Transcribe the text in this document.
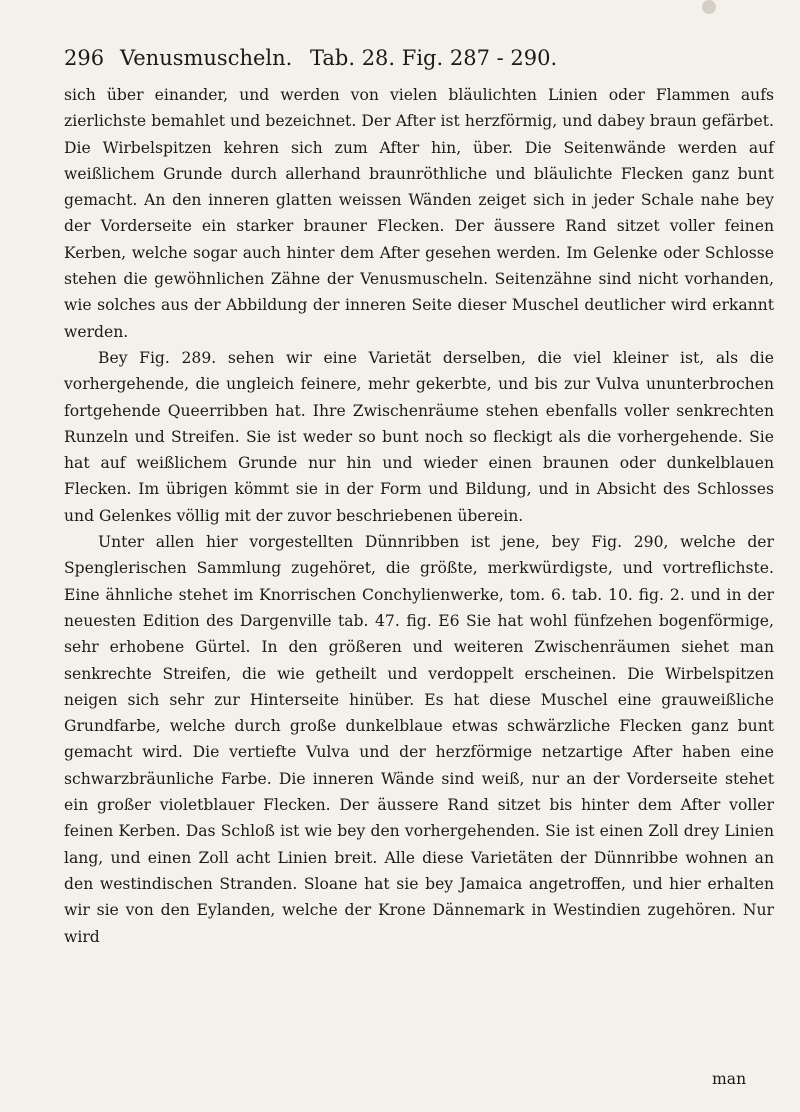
296 Venusmuscheln. Tab. 28. Fig. 287 - 290.

sich über einander, und werden von vielen bläulichten Linien oder Flammen aufs zierlichste bemahlet und bezeichnet. Der After ist herzförmig, und dabey braun gefärbet. Die Wirbelspitzen kehren sich zum After hin, über. Die Seitenwände werden auf weißlichem Grunde durch allerhand braunröthliche und bläulichte Flecken ganz bunt gemacht. An den inneren glatten weissen Wänden zeiget sich in jeder Schale nahe bey der Vorderseite ein starker brauner Flecken. Der äussere Rand sitzet voller feinen Kerben, welche sogar auch hinter dem After gesehen werden. Im Gelenke oder Schlosse stehen die gewöhnlichen Zähne der Venusmuscheln. Seitenzähne sind nicht vorhanden, wie solches aus der Abbildung der inneren Seite dieser Muschel deutlicher wird erkannt werden.

Bey Fig. 289. sehen wir eine Varietät derselben, die viel kleiner ist, als die vorhergehende, die ungleich feinere, mehr gekerbte, und bis zur Vulva ununterbrochen fortgehende Queerribben hat. Ihre Zwischenräume stehen ebenfalls voller senkrechten Runzeln und Streifen. Sie ist weder so bunt noch so fleckigt als die vorhergehende. Sie hat auf weißlichem Grunde nur hin und wieder einen braunen oder dunkelblauen Flecken. Im übrigen kömmt sie in der Form und Bildung, und in Absicht des Schlosses und Gelenkes völlig mit der zuvor beschriebenen überein.

Unter allen hier vorgestellten Dünnribben ist jene, bey Fig. 290, welche der Spenglerischen Sammlung zugehöret, die größte, merkwürdigste, und vortreflichste. Eine ähnliche stehet im Knorrischen Conchylienwerke, tom. 6. tab. 10. fig. 2. und in der neuesten Edition des Dargenville tab. 47. fig. E6 Sie hat wohl fünfzehen bogenförmige, sehr erhobene Gürtel. In den größeren und weiteren Zwischenräumen siehet man senkrechte Streifen, die wie getheilt und verdoppelt erscheinen. Die Wirbelspitzen neigen sich sehr zur Hinterseite hinüber. Es hat diese Muschel eine grauweißliche Grundfarbe, welche durch große dunkelblaue etwas schwärzliche Flecken ganz bunt gemacht wird. Die vertiefte Vulva und der herzförmige netzartige After haben eine schwarzbräunliche Farbe. Die inneren Wände sind weiß, nur an der Vorderseite stehet ein großer violetblauer Flecken. Der äussere Rand sitzet bis hinter dem After voller feinen Kerben. Das Schloß ist wie bey den vorhergehenden. Sie ist einen Zoll drey Linien lang, und einen Zoll acht Linien breit. Alle diese Varietäten der Dünnribbe wohnen an den westindischen Stranden. Sloane hat sie bey Jamaica angetroffen, und hier erhalten wir sie von den Eylanden, welche der Krone Dännemark in Westindien zugehören. Nur wird

man
